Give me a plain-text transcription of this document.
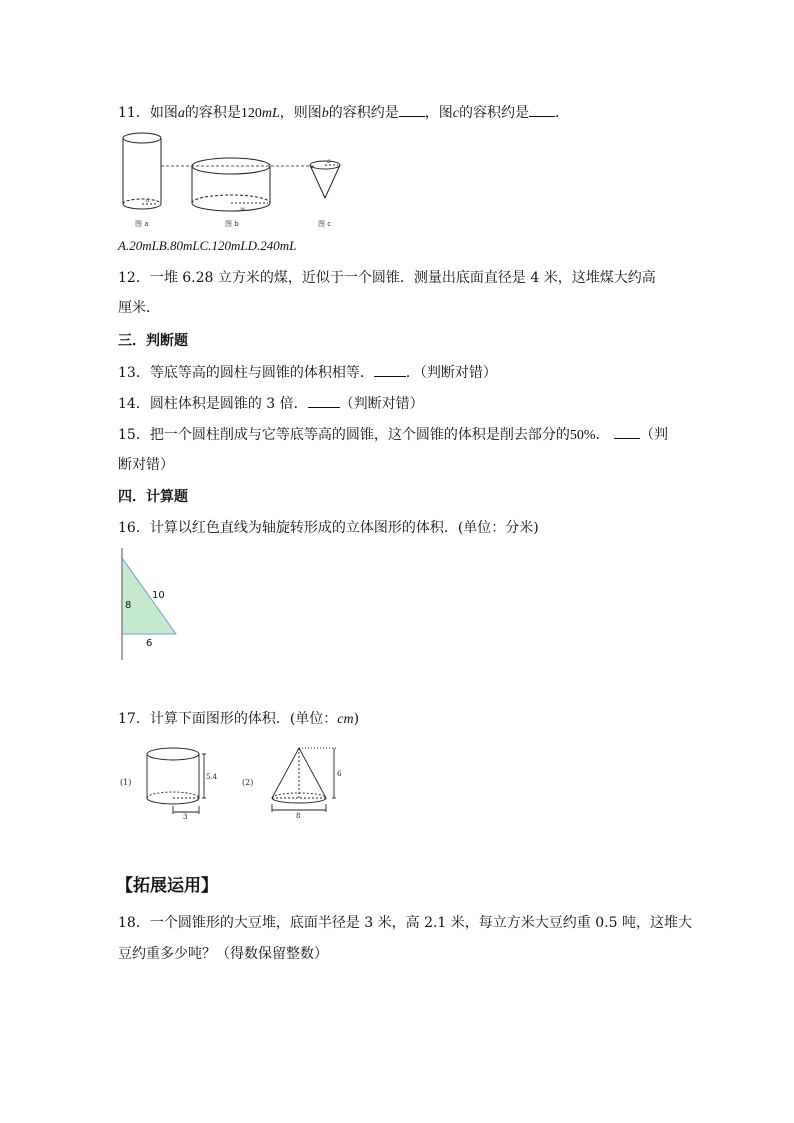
11．如图a的容积是120mL，则图b的容积约是 ，图c的容积约是 ．
a
w
a
图 a	图 b	图 c
A.20mLB.80mLC.120mLD.240mL
12．一堆 6.28 立方米的煤，近似于一个圆锥．测量出底面直径是 4 米，这堆煤大约高
厘米．
三．判断题
13．等底等高的圆柱与圆锥的体积相等． ．（判断对错）
14．圆柱体积是圆锥的 3 倍． （判断对错）
15．把一个圆柱削成与它等底等高的圆锥，这个圆锥的体积是削去部分的50%． （判
断对错）
四．计算题
16．计算以红色直线为轴旋转形成的立体图形的体积．(单位：分米)
8
10
6
17．计算下面图形的体积．(单位：cm)
(1)
5.4
3
(2)
6
8
【拓展运用】
18．一个圆锥形的大豆堆，底面半径是 3 米，高 2.1 米，每立方米大豆约重 0.5 吨，这堆大
豆约重多少吨？（得数保留整数）
